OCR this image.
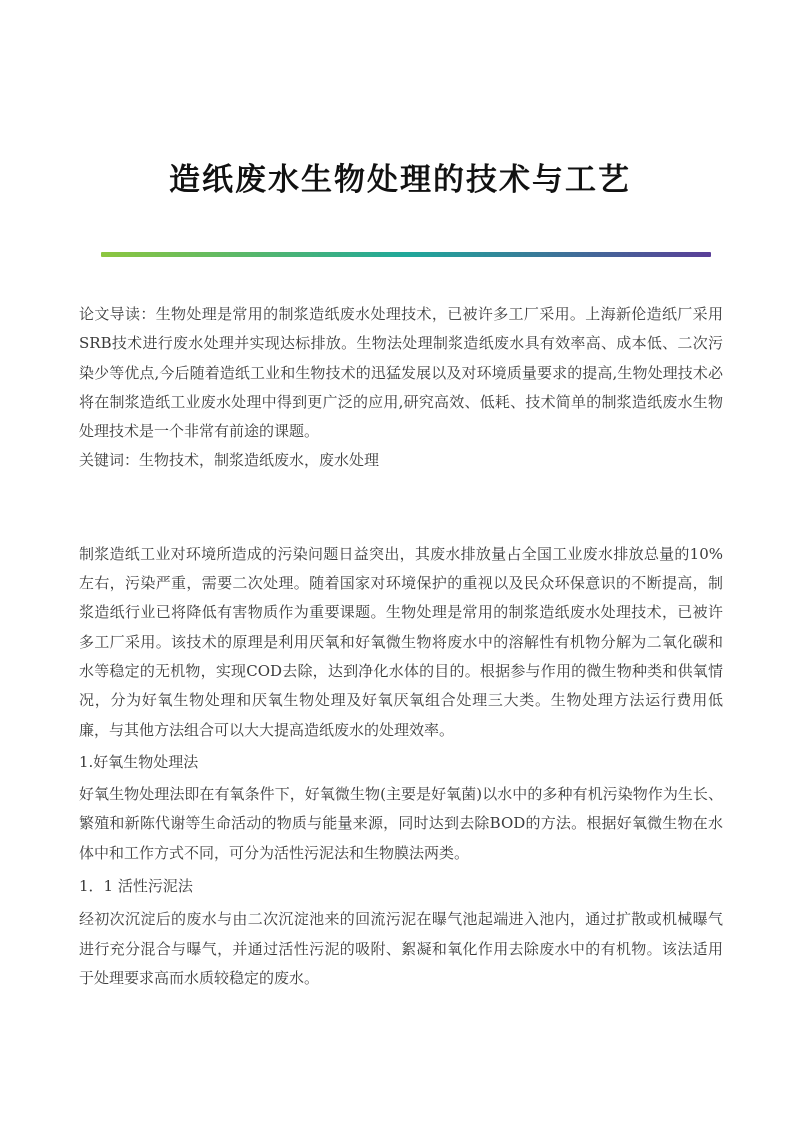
造纸废水生物处理的技术与工艺

论文导读：生物处理是常用的制浆造纸废水处理技术，已被许多工厂采用。上海新伦造纸厂采用SRB技术进行废水处理并实现达标排放。生物法处理制浆造纸废水具有效率高、成本低、二次污染少等优点,今后随着造纸工业和生物技术的迅猛发展以及对环境质量要求的提高,生物处理技术必将在制浆造纸工业废水处理中得到更广泛的应用,研究高效、低耗、技术简单的制浆造纸废水生物处理技术是一个非常有前途的课题。

关键词：生物技术，制浆造纸废水，废水处理

制浆造纸工业对环境所造成的污染问题日益突出，其废水排放量占全国工业废水排放总量的10%左右，污染严重，需要二次处理。随着国家对环境保护的重视以及民众环保意识的不断提高，制浆造纸行业已将降低有害物质作为重要课题。生物处理是常用的制浆造纸废水处理技术，已被许多工厂采用。该技术的原理是利用厌氧和好氧微生物将废水中的溶解性有机物分解为二氧化碳和水等稳定的无机物，实现COD去除，达到净化水体的目的。根据参与作用的微生物种类和供氧情况，分为好氧生物处理和厌氧生物处理及好氧厌氧组合处理三大类。生物处理方法运行费用低廉，与其他方法组合可以大大提高造纸废水的处理效率。

1.好氧生物处理法

好氧生物处理法即在有氧条件下，好氧微生物(主要是好氧菌)以水中的多种有机污染物作为生长、繁殖和新陈代谢等生命活动的物质与能量来源，同时达到去除BOD的方法。根据好氧微生物在水体中和工作方式不同，可分为活性污泥法和生物膜法两类。

1．1 活性污泥法

经初次沉淀后的废水与由二次沉淀池来的回流污泥在曝气池起端进入池内，通过扩散或机械曝气进行充分混合与曝气，并通过活性污泥的吸附、絮凝和氧化作用去除废水中的有机物。该法适用于处理要求高而水质较稳定的废水。
